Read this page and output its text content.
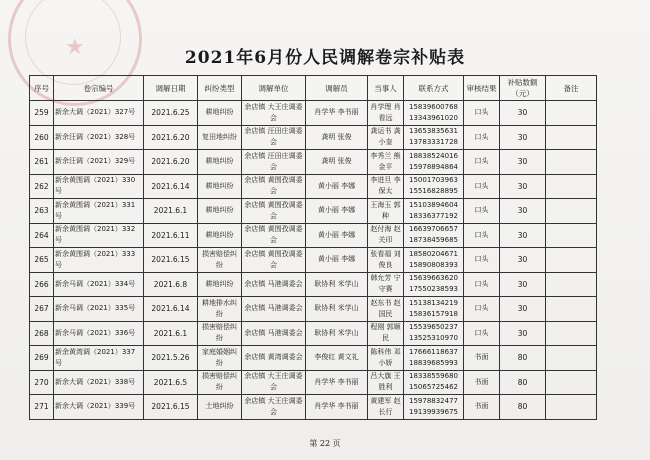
★	2021年6月份人民调解卷宗补贴表
序号	卷宗编号	调解日期	纠纷类型	调解单位	调解员	当事人	联系方式	审核结果	补贴数额（元）	备注
259	新余大调（2021）327号	2021.6.25	耕地纠纷	余店镇 大王庄调委会	肖学华 李书丽	肖学理 肖看远	15839600768 13343961020	口头	30	
260	新余汪调（2021）328号	2021.6.20	复田地纠纷	余店镇 汪田庄调委会	龚明 张俊	龚运书 龚小奎	13653835631 13783331728	口头	30	
261	新余汪调（2021）329号	2021.6.20	耕地纠纷	余店镇 汪田庄调委会	龚明 张俊	李秀兰 熊金平	18838524016 15978894864	口头	30	
262	新余黄围调（2021）330号	2021.6.14	耕地纠纷	余店镇 黄围孜调委会	黄小丽 李娜	李进旦 李保太	15001703963 15516828895	口头	30	
263	新余黄围调（2021）331号	2021.6.1	耕地纠纷	余店镇 黄围孜调委会	黄小丽 李娜	王海玉 郭种	15103894604 18336377192	口头	30	
264	新余黄围调（2021）332号	2021.6.11	耕地纠纷	余店镇 黄围孜调委会	黄小丽 李娜	赵付海 赵关印	16639706657 18738459685	口头	30	
265	新余黄围调（2021）333号	2021.6.15	损害赔偿纠纷	余店镇 黄围孜调委会	黄小丽 李娜	张看福 刘俊良	18580204671 15890808393	口头	30	
266	新余马调（2021）334号	2021.6.8	耕地纠纷	余店镇 马港调委会	耿协利 米学山	韩允芳 宁守赛	15639663620 17550238593	口头	30	
267	新余马调（2021）335号	2021.6.14	耕地排水纠纷	余店镇 马港调委会	耿协利 米学山	赵东书 赵国民	15138134219 15836157918	口头	30	
268	新余马调（2021）336号	2021.6.1	损害赔偿纠纷	余店镇 马港调委会	耿协利 米学山	程刚 郭顺民	15539650237 13525310970	口头	30	
269	新余黄湾调（2021）337号	2021.5.26	家庭婚姻纠纷	余店镇 黄湾调委会	李俊红 黄文礼	陈科伟 邓小娇	17666118637 18839685993	书面	80	
270	新余大调（2021）338号	2021.6.5	损害赔偿纠纷	余店镇 大王庄调委会	肖学华 李书丽	吕大旗 王胜利	18338559680 15065725462	书面	80	
271	新余大调（2021）339号	2021.6.15	土地纠纷	余店镇 大王庄调委会	肖学华 李书丽	黄建军 赵长行	15978832477 19139939675	书面	80	
第 22 页
